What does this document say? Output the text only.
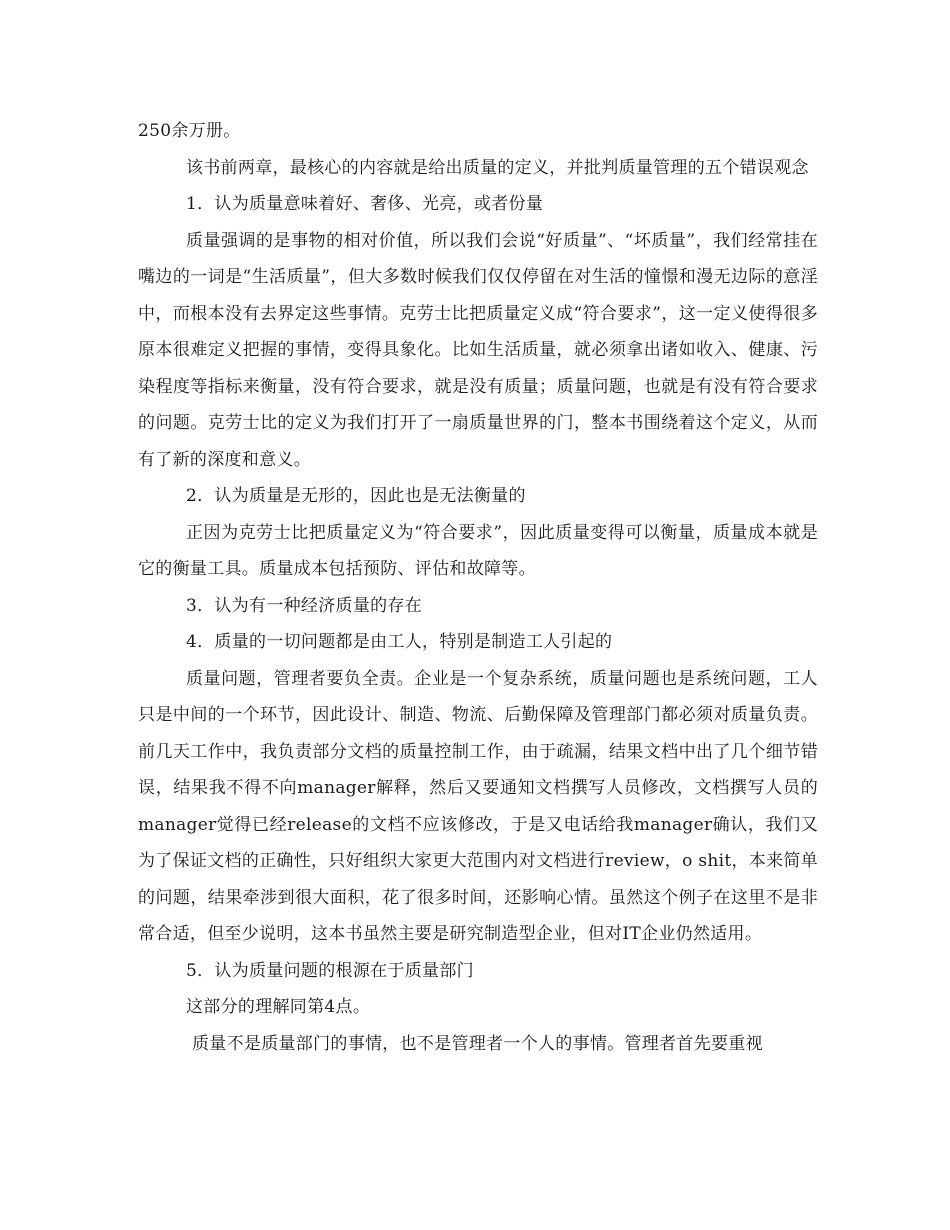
250余万册。

该书前两章，最核心的内容就是给出质量的定义，并批判质量管理的五个错误观念

1．认为质量意味着好、奢侈、光亮，或者份量

质量强调的是事物的相对价值，所以我们会说“好质量”、“坏质量”，我们经常挂在嘴边的一词是“生活质量”，但大多数时候我们仅仅停留在对生活的憧憬和漫无边际的意淫中，而根本没有去界定这些事情。克劳士比把质量定义成“符合要求”，这一定义使得很多原本很难定义把握的事情，变得具象化。比如生活质量，就必须拿出诸如收入、健康、污染程度等指标来衡量，没有符合要求，就是没有质量；质量问题，也就是有没有符合要求的问题。克劳士比的定义为我们打开了一扇质量世界的门，整本书围绕着这个定义，从而有了新的深度和意义。

2．认为质量是无形的，因此也是无法衡量的

正因为克劳士比把质量定义为“符合要求”，因此质量变得可以衡量，质量成本就是它的衡量工具。质量成本包括预防、评估和故障等。

3．认为有一种经济质量的存在

4．质量的一切问题都是由工人，特别是制造工人引起的

质量问题，管理者要负全责。企业是一个复杂系统，质量问题也是系统问题，工人只是中间的一个环节，因此设计、制造、物流、后勤保障及管理部门都必须对质量负责。前几天工作中，我负责部分文档的质量控制工作，由于疏漏，结果文档中出了几个细节错误，结果我不得不向manager解释，然后又要通知文档撰写人员修改，文档撰写人员的manager觉得已经release的文档不应该修改，于是又电话给我manager确认，我们又为了保证文档的正确性，只好组织大家更大范围内对文档进行review，o shit，本来简单的问题，结果牵涉到很大面积，花了很多时间，还影响心情。虽然这个例子在这里不是非常合适，但至少说明，这本书虽然主要是研究制造型企业，但对IT企业仍然适用。

5．认为质量问题的根源在于质量部门

这部分的理解同第4点。

质量不是质量部门的事情，也不是管理者一个人的事情。管理者首先要重视
